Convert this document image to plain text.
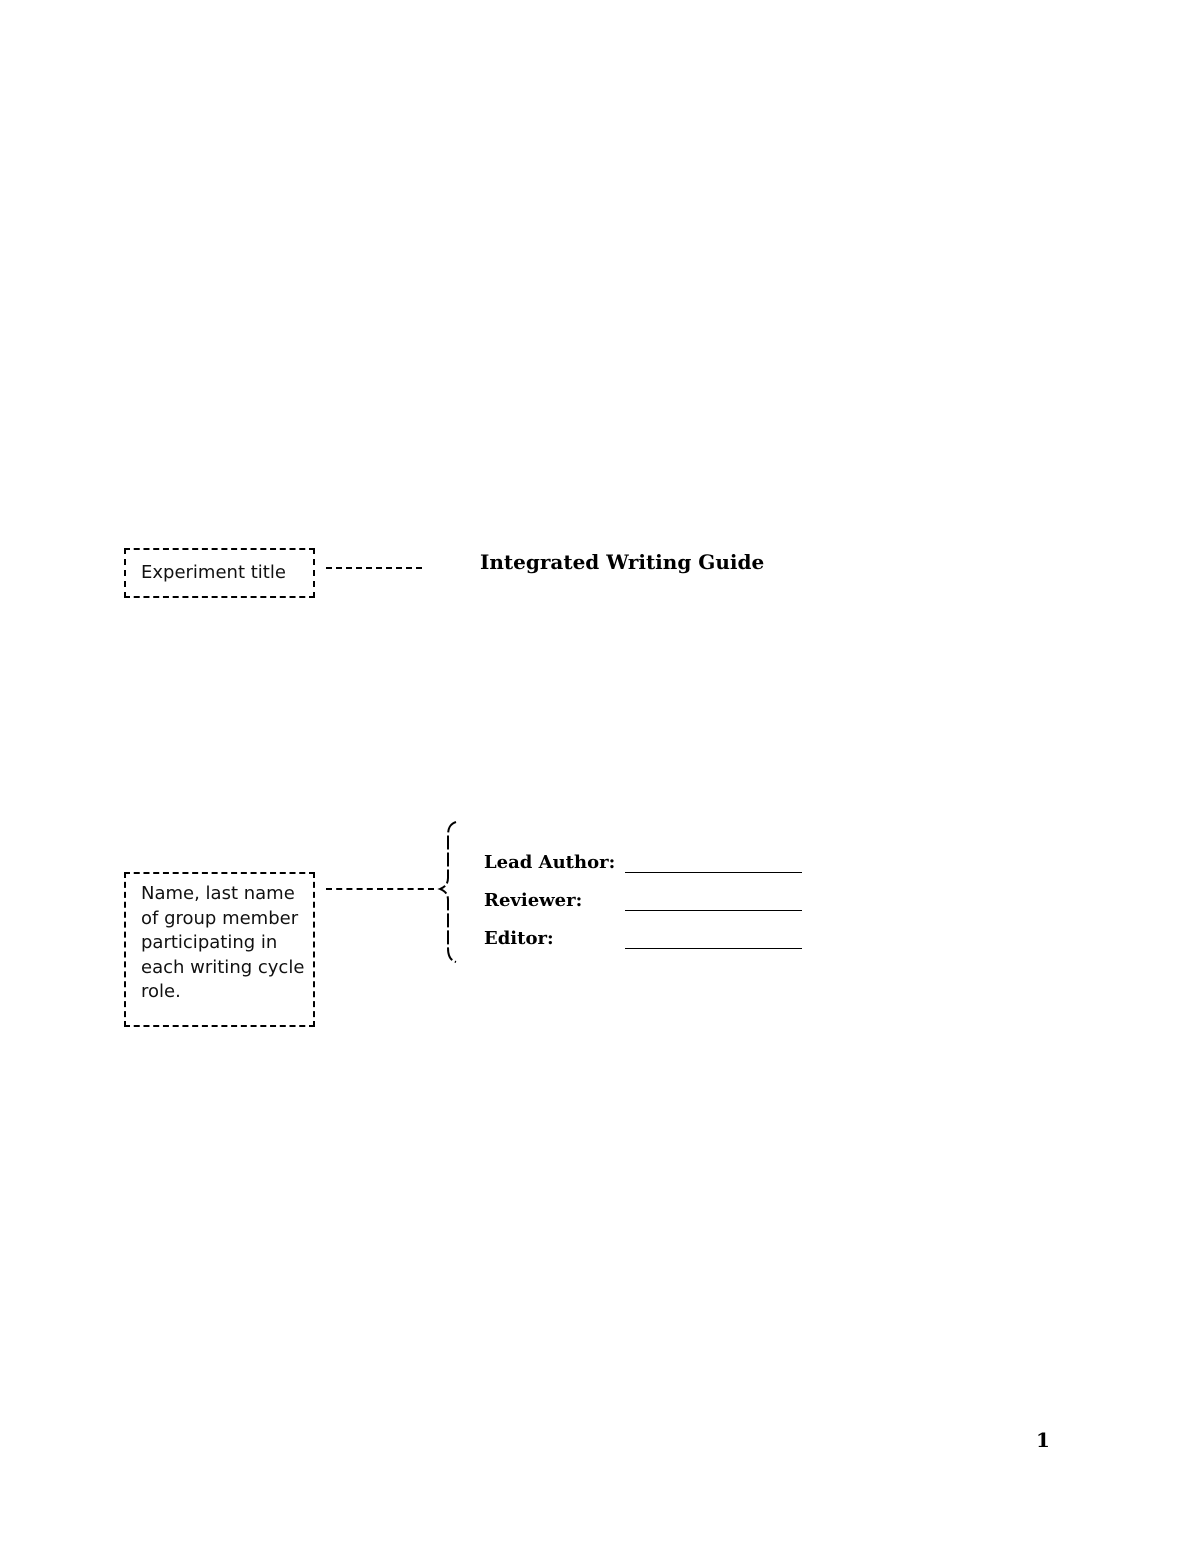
Experiment title	Integrated Writing Guide
Name, last name of group member participating in each writing cycle role.
Lead Author:
Reviewer:
Editor:
1
